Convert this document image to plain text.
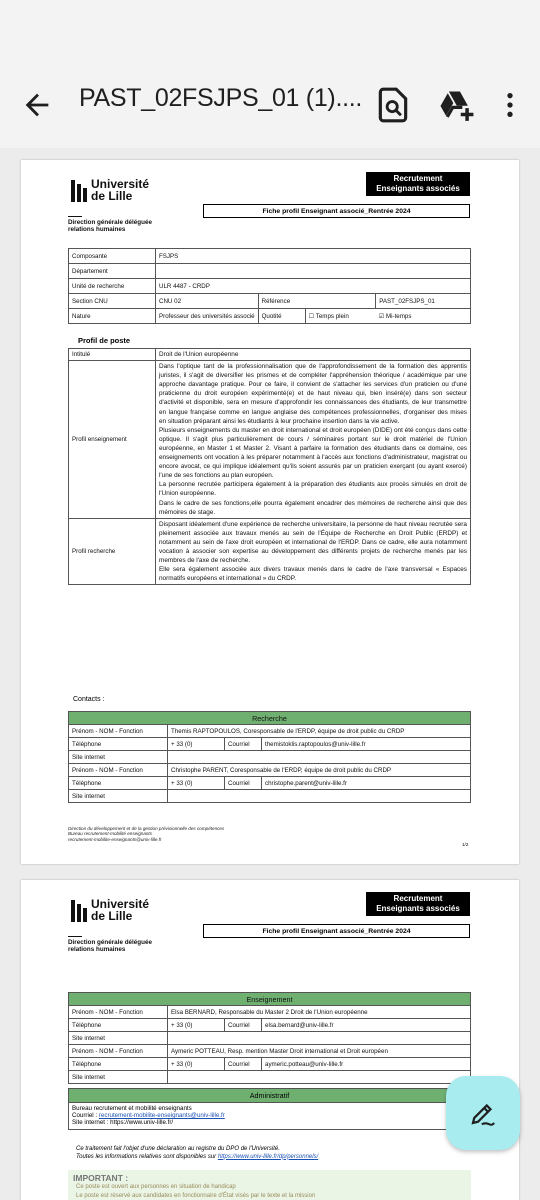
PAST_02FSJPS_01 (1)....
Université
de Lille
Direction générale déléguée
relations humaines
Recrutement
Enseignants associés
Fiche profil Enseignant associé_Rentrée 2024
Composante	FSJPS			
Département				
Unité de recherche	ULR 4487 - CRDP			
Section CNU	CNU 02	Référence		PAST_02FSJPS_01
Nature	Professeur des universités associé	Quotité	☐ Temps plein	☑ Mi-temps
Profil de poste
Intitulé	Droit de l'Union européenne
Profil enseignement	Dans l'optique tant de la professionnalisation que de l'approfondissement de la formation des apprentis juristes, il s'agit de diversifier les prismes et de compléter l'appréhension théorique / académique par une approche davantage pratique. Pour ce faire, il convient de s'attacher les services d'un praticien ou d'une praticienne du droit européen expérimenté(e) et de haut niveau qui, bien inséré(e) dans son secteur d'activité et disponible, sera en mesure d'approfondir les connaissances des étudiants, de leur transmettre en langue française comme en langue anglaise des compétences professionnelles, d'organiser des mises en situation préparant ainsi les étudiants à leur prochaine insertion dans la vie active.
Plusieurs enseignements du master en droit international et droit européen (DIDE) ont été conçus dans cette optique. Il s'agit plus particulièrement de cours / séminaires portant sur le droit matériel de l'Union européenne, en Master 1 et Master 2. Visant à parfaire la formation des étudiants dans ce domaine, ces enseignements ont vocation à les préparer notamment à l'accès aux fonctions d'administrateur, magistrat ou encore avocat, ce qui implique idéalement qu'ils soient assurés par un praticien exerçant (ou ayant exercé) l'une de ses fonctions au plan européen.
La personne recrutée participera également à la préparation des étudiants aux procès simulés en droit de l'Union européenne.
Dans le cadre de ses fonctions,elle pourra également encadrer des mémoires de recherche ainsi que des mémoires de stage.

Profil recherche	Disposant idéalement d'une expérience de recherche universitaire, la personne de haut niveau recrutée sera pleinement associée aux travaux menés au sein de l'Équipe de Recherche en Droit Public (ERDP) et notamment au sein de l'axe droit européen et international de l'ERDP. Dans ce cadre, elle aura notamment vocation à associer son expertise au développement des différents projets de recherche menés par les membres de l'axe de recherche.
Elle sera également associée aux divers travaux menés dans le cadre de l'axe transversal « Espaces normatifs européens et international » du CRDP.
Contacts :
Recherche			
Prénom - NOM - Fonction	Themis RAPTOPOULOS, Coresponsable de l'ERDP, équipe de droit public du CRDP		
Téléphone	+ 33 (0)	Courriel	themistoklis.raptopoulos@univ-lille.fr
Site internet			
Prénom - NOM - Fonction	Christophe PARENT, Coresponsable de l'ERDP, équipe de droit public du CRDP		
Téléphone	+ 33 (0)	Courriel	christophe.parent@univ-lille.fr
Site internet			
Direction du développement et de la gestion prévisionnelle des compétences
Bureau recrutement-mobilité enseignants
recrutement-mobilite-enseignants@univ-lille.fr
1/2
Université
de Lille
Direction générale déléguée
relations humaines
Recrutement
Enseignants associés
Fiche profil Enseignant associé_Rentrée 2024
Enseignement			
Prénom - NOM - Fonction	Elsa BERNARD, Responsable du Master 2 Droit de l'Union européenne		
Téléphone	+ 33 (0)	Courriel	elsa.bernard@univ-lille.fr
Site internet			
Prénom - NOM - Fonction	Aymeric POTTEAU, Resp. mention Master Droit international et Droit européen		
Téléphone	+ 33 (0)	Courriel	aymeric.potteau@univ-lille.fr
Site internet			
Administratif
Bureau recrutement et mobilité enseignants
Courriel : recrutement-mobilite-enseignants@univ-lille.fr
Site internet : https://www.univ-lille.fr/
Ce traitement fait l'objet d'une déclaration au registre du DPO de l'Université.
Toutes les informations relatives sont disponibles sur https://www.univ-lille.fr/dp/personnels/
IMPORTANT :
Ce poste est ouvert aux personnes en situation de handicap
Le poste est réservé aux candidates en fonctionnaire d'État visés par le texte et la mission
